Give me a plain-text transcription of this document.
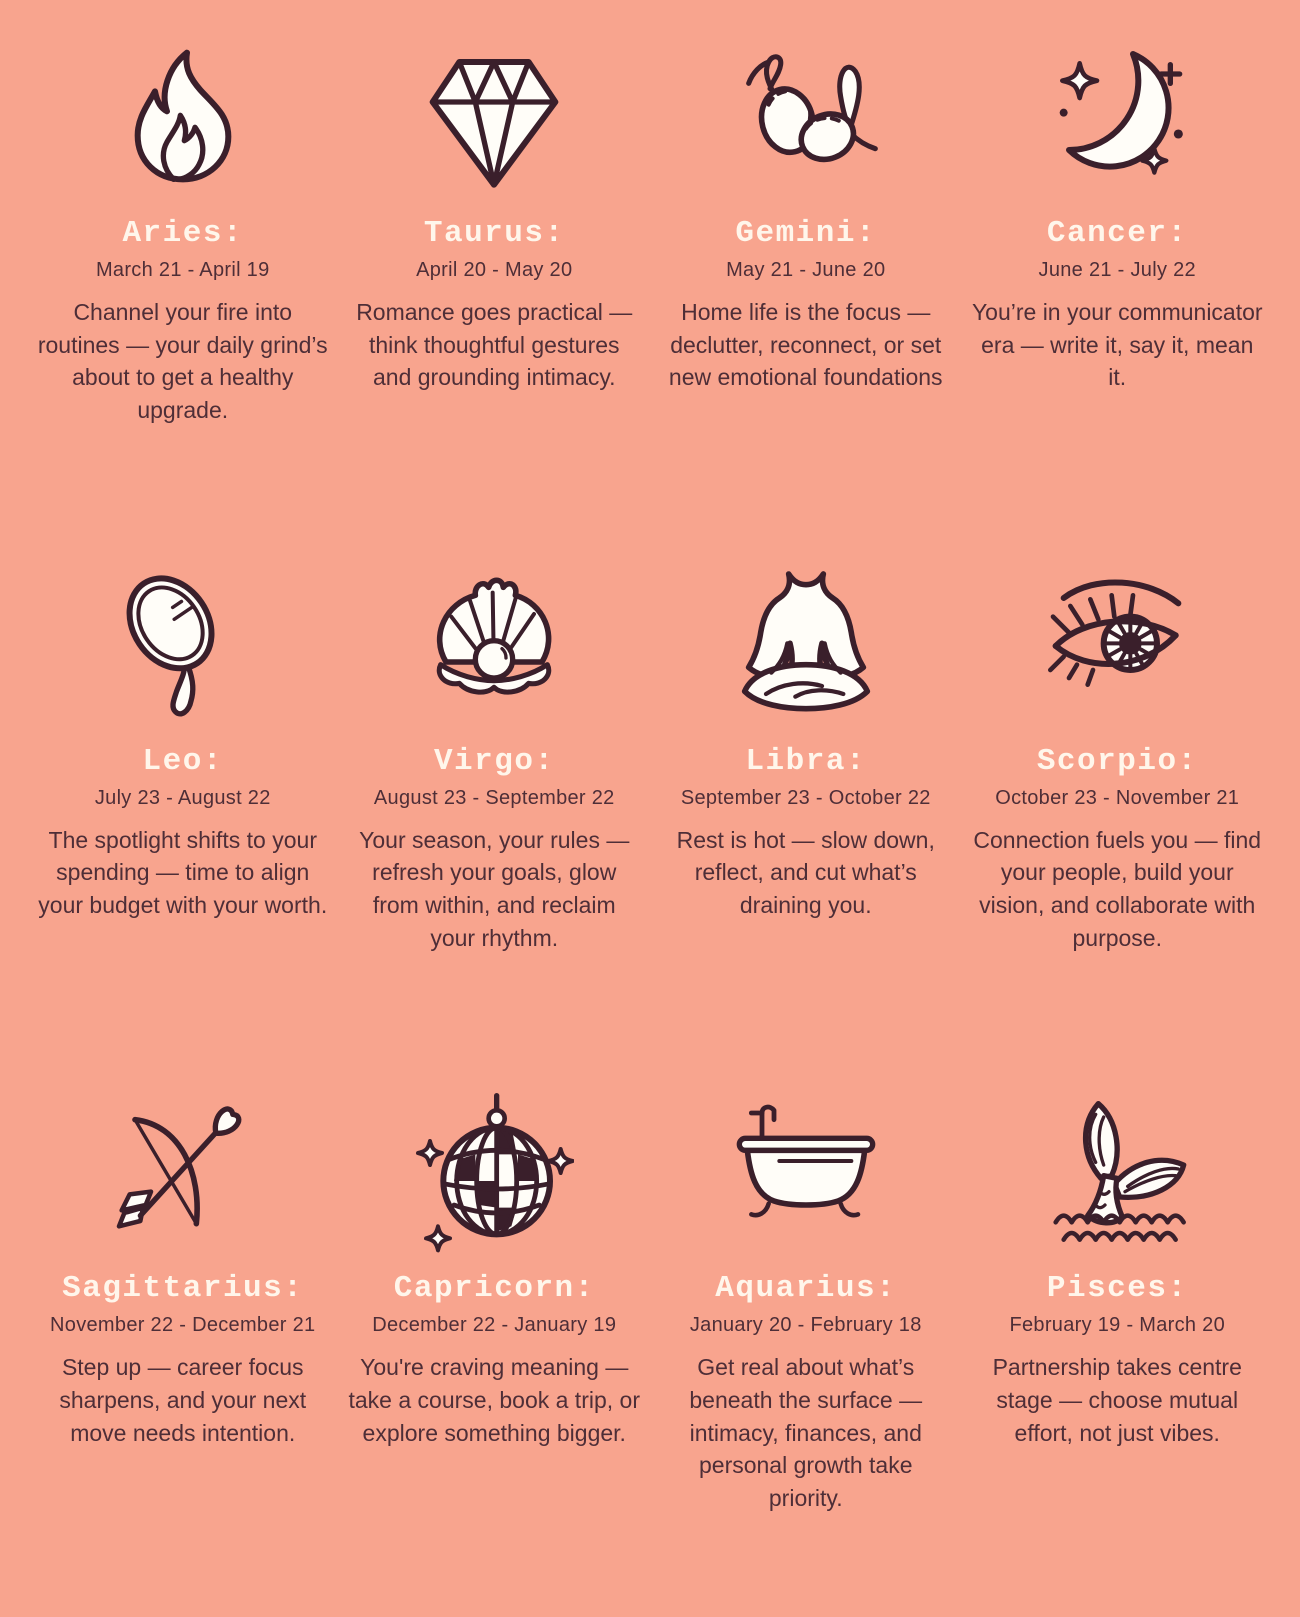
Aries:
March 21 - April 19

Channel your fire into routines — your daily grind’s about to get a healthy upgrade.

Taurus:
April 20 - May 20

Romance goes practical — think thoughtful gestures and grounding intimacy.

Gemini:
May 21 - June 20

Home life is the focus — declutter, reconnect, or set new emotional foundations

Cancer:
June 21 - July 22

You’re in your communicator era — write it, say it, mean it.

Leo:
July 23 - August 22

The spotlight shifts to your spending — time to align your budget with your worth.

Virgo:
August 23 - September 22

Your season, your rules — refresh your goals, glow from within, and reclaim your rhythm.

Libra:
September 23 - October 22

Rest is hot — slow down, reflect, and cut what’s draining you.

Scorpio:
October 23 - November 21

Connection fuels you — find your people, build your vision, and collaborate with purpose.

Sagittarius:
November 22 - December 21

Step up — career focus sharpens, and your next move needs intention.

Capricorn:
December 22 - January 19

You're craving meaning — take a course, book a trip, or explore something bigger.

Aquarius:
January 20 - February 18

Get real about what’s beneath the surface — intimacy, finances, and personal growth take priority.

Pisces:
February 19 - March 20

Partnership takes centre stage — choose mutual effort, not just vibes.
